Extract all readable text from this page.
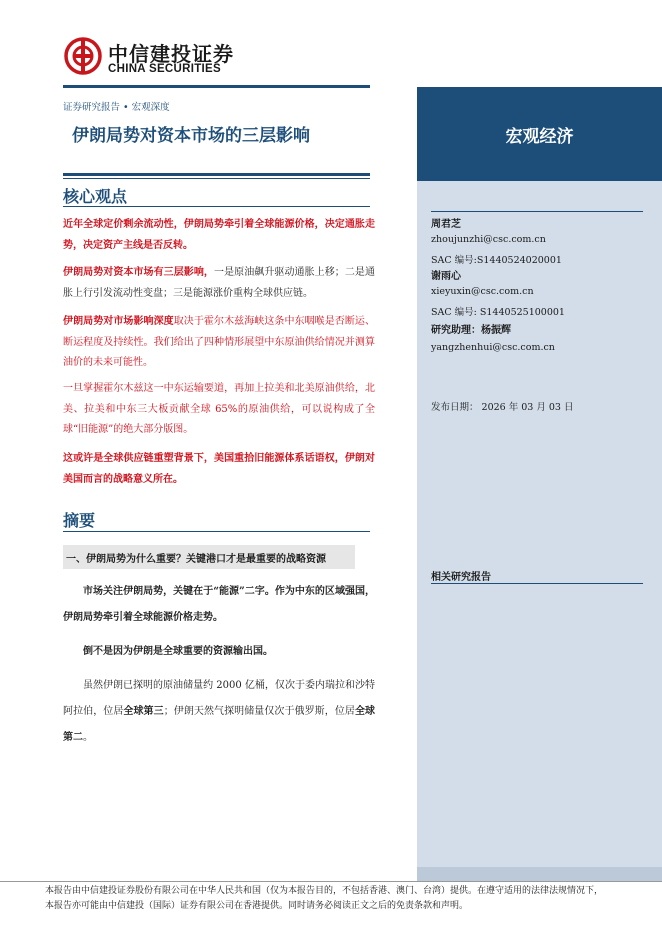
中信建投证券
CHINA SECURITIES
证券研究报告 • 宏观深度
伊朗局势对资本市场的三层影响	宏观经济
周君芝
zhoujunzhi@csc.com.cn
SAC 编号:S1440524020001
谢雨心
xieyuxin@csc.com.cn
SAC 编号: S1440525100001
研究助理：杨振辉
yangzhenhui@csc.com.cn
发布日期： 2026 年 03 月 03 日
相关研究报告
核心观点
近年全球定价剩余流动性，伊朗局势牵引着全球能源价格，决定通胀走势，决定资产主线是否反转。
伊朗局势对资本市场有三层影响，一是原油飙升驱动通胀上移；二是通胀上行引发流动性变盘；三是能源涨价重构全球供应链。
伊朗局势对市场影响深度取决于霍尔木兹海峡这条中东咽喉是否断运、断运程度及持续性。我们给出了四种情形展望中东原油供给情况并测算油价的未来可能性。
一旦掌握霍尔木兹这一中东运输要道，再加上拉美和北美原油供给，北美、拉美和中东三大板贡献全球 65%的原油供给，可以说构成了全球“旧能源”的绝大部分版图。
这或许是全球供应链重塑背景下，美国重拾旧能源体系话语权，伊朗对美国而言的战略意义所在。
摘要
一、伊朗局势为什么重要？关键港口才是最重要的战略资源
市场关注伊朗局势，关键在于“能源”二字。作为中东的区域强国，伊朗局势牵引着全球能源价格走势。
倒不是因为伊朗是全球重要的资源输出国。
虽然伊朗已探明的原油储量约 2000 亿桶，仅次于委内瑞拉和沙特阿拉伯，位居全球第三；伊朗天然气探明储量仅次于俄罗斯，位居全球第二。
本报告由中信建投证券股份有限公司在中华人民共和国（仅为本报告目的，不包括香港、澳门、台湾）提供。在遵守适用的法律法规情况下，
本报告亦可能由中信建投（国际）证券有限公司在香港提供。同时请务必阅读正文之后的免责条款和声明。
